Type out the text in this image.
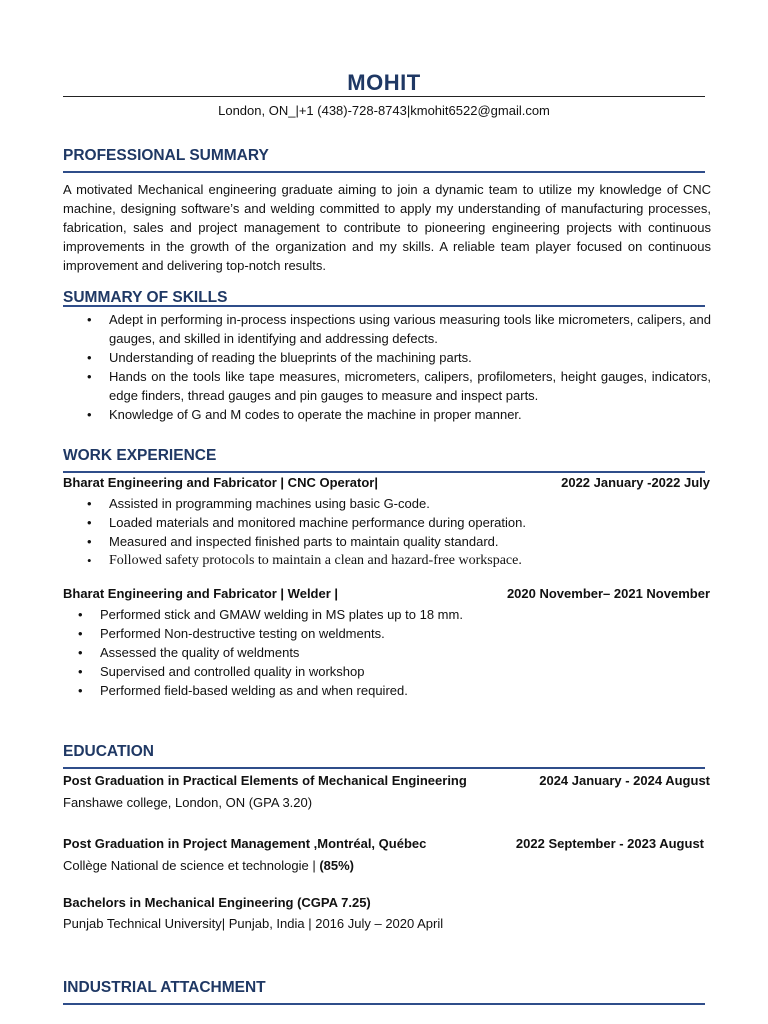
MOHIT
London, ON_|+1 (438)-728-8743|kmohit6522@gmail.com
PROFESSIONAL SUMMARY
A motivated Mechanical engineering graduate aiming to join a dynamic team to utilize my knowledge of CNC machine, designing software’s and welding committed to apply my understanding of manufacturing processes, fabrication, sales and project management to contribute to pioneering engineering projects with continuous improvements in the growth of the organization and my skills. A reliable team player focused on continuous improvement and delivering top-notch results.
SUMMARY OF SKILLS
• Adept in performing in-process inspections using various measuring tools like micrometers, calipers, and gauges, and skilled in identifying and addressing defects.
• Understanding of reading the blueprints of the machining parts.
• Hands on the tools like tape measures, micrometers, calipers, profilometers, height gauges, indicators, edge finders, thread gauges and pin gauges to measure and inspect parts.
• Knowledge of G and M codes to operate the machine in proper manner.
WORK EXPERIENCE
Bharat Engineering and Fabricator | CNC Operator|	2022 January -2022 July
• Assisted in programming machines using basic G-code.
• Loaded materials and monitored machine performance during operation.
• Measured and inspected finished parts to maintain quality standard.
• Followed safety protocols to maintain a clean and hazard-free workspace.
Bharat Engineering and Fabricator | Welder |	2020 November– 2021 November
• Performed stick and GMAW welding in MS plates up to 18 mm.
• Performed Non-destructive testing on weldments.
• Assessed the quality of weldments
• Supervised and controlled quality in workshop
• Performed field-based welding as and when required.
EDUCATION
Post Graduation in Practical Elements of Mechanical Engineering	2024 January - 2024 August
Fanshawe college, London, ON (GPA 3.20)
Post Graduation in Project Management ,Montréal, Québec	2022 September - 2023 August
Collège National de science et technologie | (85%)
Bachelors in Mechanical Engineering (CGPA 7.25)
Punjab Technical University| Punjab, India | 2016 July – 2020 April
INDUSTRIAL ATTACHMENT
